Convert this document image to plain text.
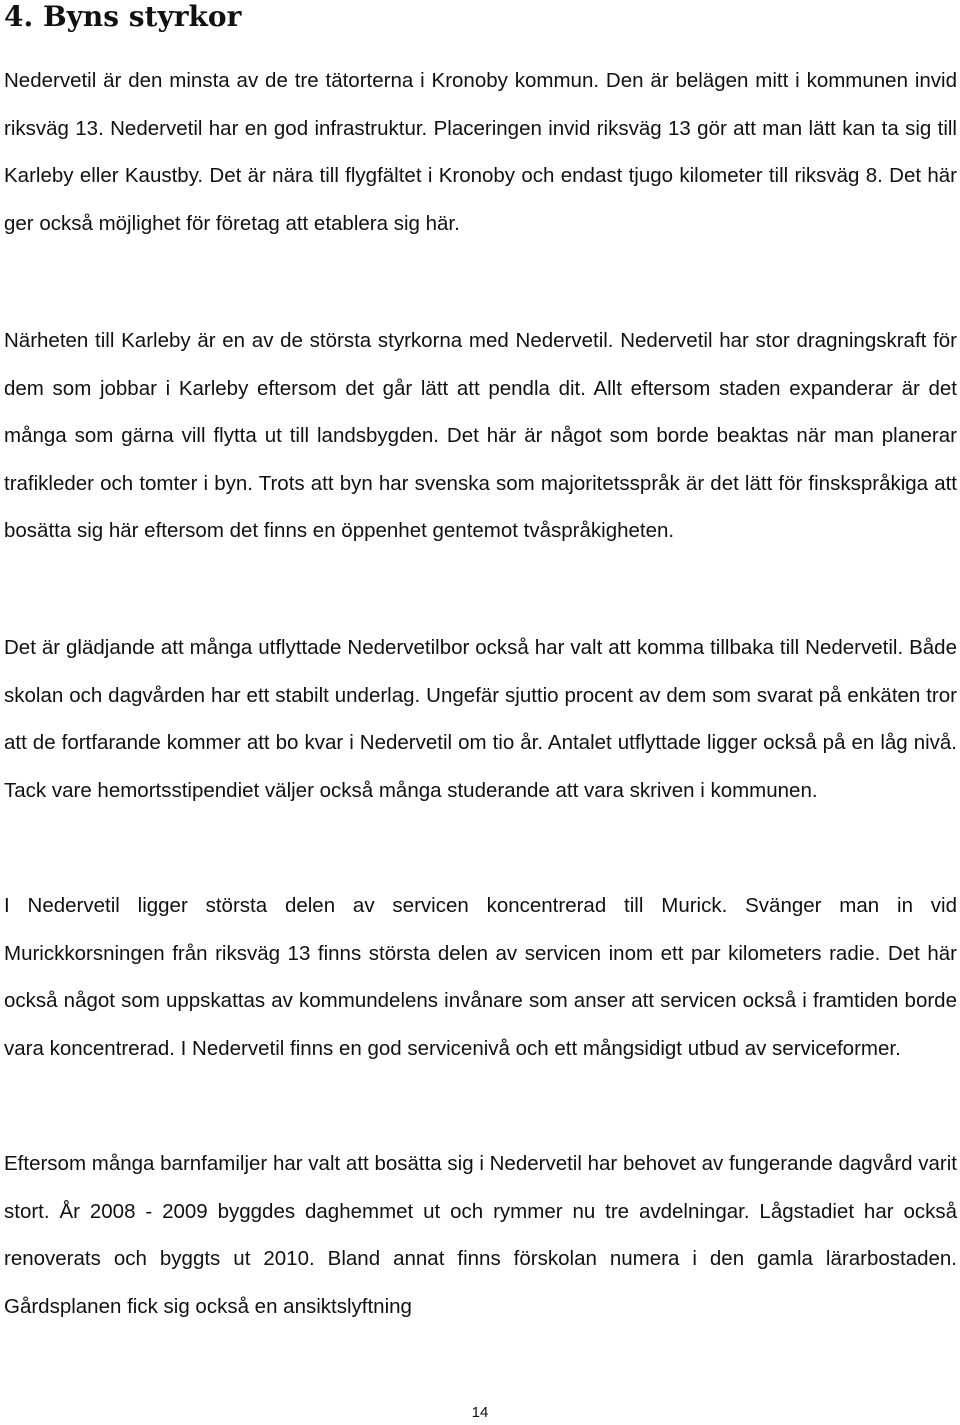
4. Byns styrkor

Nedervetil är den minsta av de tre tätorterna i Kronoby kommun. Den är belägen mitt i kommunen invid riksväg 13. Nedervetil har en god infrastruktur. Placeringen invid riksväg 13 gör att man lätt kan ta sig till Karleby eller Kaustby. Det är nära till flygfältet i Kronoby och endast tjugo kilometer till riksväg 8. Det här ger också möjlighet för företag att etablera sig här.

Närheten till Karleby är en av de största styrkorna med Nedervetil. Nedervetil har stor dragningskraft för dem som jobbar i Karleby eftersom det går lätt att pendla dit. Allt eftersom staden expanderar är det många som gärna vill flytta ut till landsbygden. Det här är något som borde beaktas när man planerar trafikleder och tomter i byn. Trots att byn har svenska som majoritetsspråk är det lätt för finskspråkiga att bosätta sig här eftersom det finns en öppenhet gentemot tvåspråkigheten.

Det är glädjande att många utflyttade Nedervetilbor också har valt att komma tillbaka till Nedervetil. Både skolan och dagvården har ett stabilt underlag. Ungefär sjuttio procent av dem som svarat på enkäten tror att de fortfarande kommer att bo kvar i Nedervetil om tio år. Antalet utflyttade ligger också på en låg nivå. Tack vare hemortsstipendiet väljer också många studerande att vara skriven i kommunen.

I Nedervetil ligger största delen av servicen koncentrerad till Murick. Svänger man in vid Murickkorsningen från riksväg 13 finns största delen av servicen inom ett par kilometers radie. Det här också något som uppskattas av kommundelens invånare som anser att servicen också i framtiden borde vara koncentrerad. I Nedervetil finns en god servicenivå och ett mångsidigt utbud av serviceformer.

Eftersom många barnfamiljer har valt att bosätta sig i Nedervetil har behovet av fungerande dagvård varit stort. År 2008 - 2009 byggdes daghemmet ut och rymmer nu tre avdelningar. Lågstadiet har också renoverats och byggts ut 2010. Bland annat finns förskolan numera i den gamla lärarbostaden. Gårdsplanen fick sig också en ansiktslyftning

14
